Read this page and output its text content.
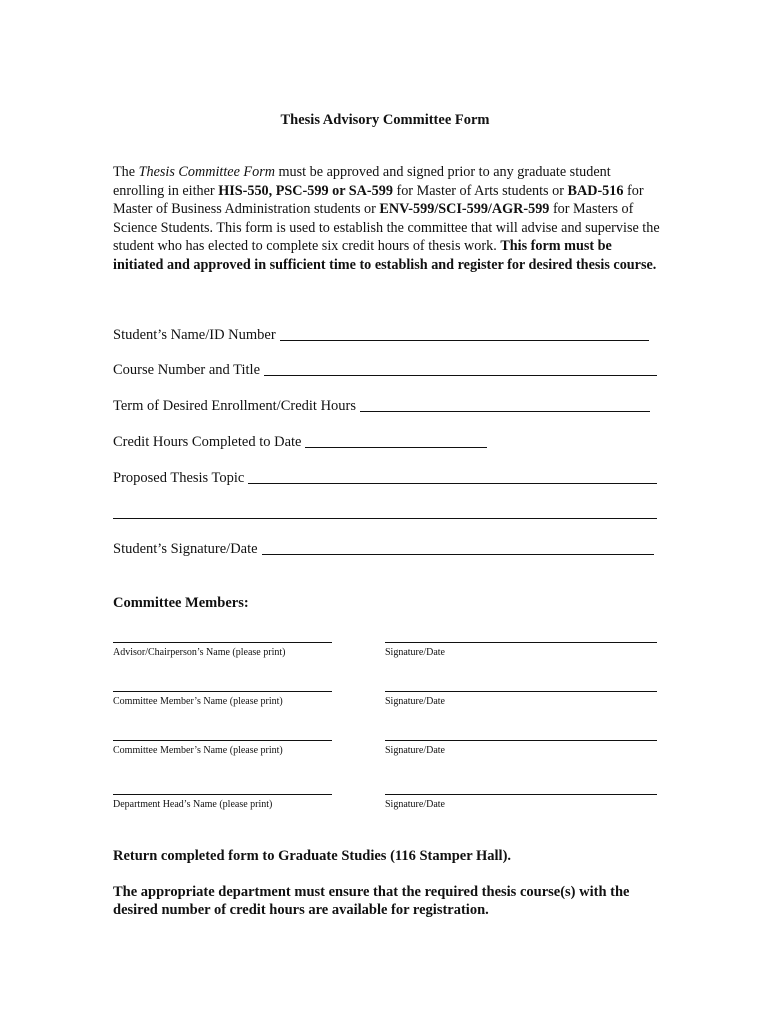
Thesis Advisory Committee Form

The Thesis Committee Form must be approved and signed prior to any graduate student enrolling in either HIS-550, PSC-599 or SA-599 for Master of Arts students or BAD-516 for Master of Business Administration students or ENV-599/SCI-599/AGR-599 for Masters of Science Students. This form is used to establish the committee that will advise and supervise the student who has elected to complete six credit hours of thesis work. This form must be initiated and approved in sufficient time to establish and register for desired thesis course.

Student’s Name/ID Number
Course Number and Title
Term of Desired Enrollment/Credit Hours
Credit Hours Completed to Date
Proposed Thesis Topic
Student’s Signature/Date
Committee Members:
Advisor/Chairperson’s Name (please print)	Signature/Date
Committee Member’s Name (please print)	Signature/Date
Committee Member’s Name (please print)	Signature/Date
Department Head’s Name (please print)	Signature/Date

Return completed form to Graduate Studies (116 Stamper Hall).

The appropriate department must ensure that the required thesis course(s) with the desired number of credit hours are available for registration.
